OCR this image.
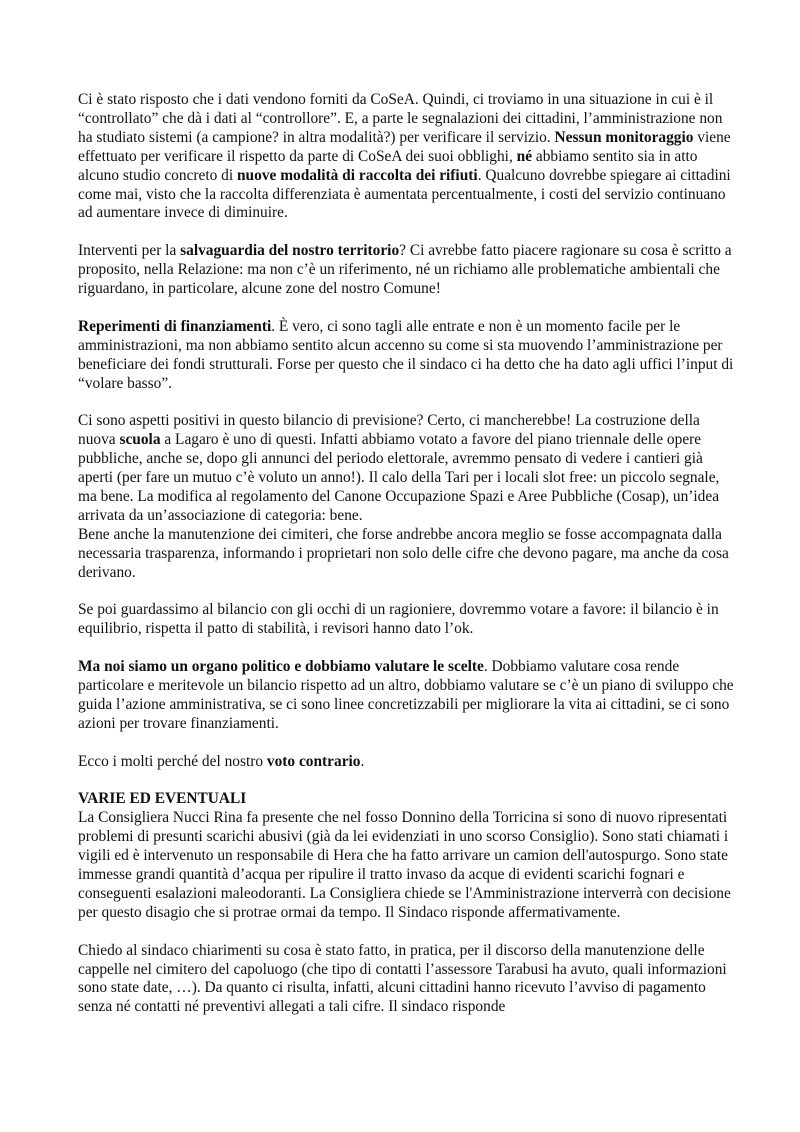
Ci è stato risposto che i dati vendono forniti da CoSeA. Quindi, ci troviamo in una situazione in cui è il “controllato” che dà i dati al “controllore”. E, a parte le segnalazioni dei cittadini, l’amministrazione non ha studiato sistemi (a campione? in altra modalità?) per verificare il servizio. Nessun monitoraggio viene effettuato per verificare il rispetto da parte di CoSeA dei suoi obblighi, né abbiamo sentito sia in atto alcuno studio concreto di nuove modalità di raccolta dei rifiuti. Qualcuno dovrebbe spiegare ai cittadini come mai, visto che la raccolta differenziata è aumentata percentualmente, i costi del servizio continuano ad aumentare invece di diminuire.

Interventi per la salvaguardia del nostro territorio? Ci avrebbe fatto piacere ragionare su cosa è scritto a proposito, nella Relazione: ma non c’è un riferimento, né un richiamo alle problematiche ambientali che riguardano, in particolare, alcune zone del nostro Comune!

Reperimenti di finanziamenti. È vero, ci sono tagli alle entrate e non è un momento facile per le amministrazioni, ma non abbiamo sentito alcun accenno su come si sta muovendo l’amministrazione per beneficiare dei fondi strutturali. Forse per questo che il sindaco ci ha detto che ha dato agli uffici l’input di “volare basso”.

Ci sono aspetti positivi in questo bilancio di previsione? Certo, ci mancherebbe! La costruzione della nuova scuola a Lagaro è uno di questi. Infatti abbiamo votato a favore del piano triennale delle opere pubbliche, anche se, dopo gli annunci del periodo elettorale, avremmo pensato di vedere i cantieri già aperti (per fare un mutuo c’è voluto un anno!). Il calo della Tari per i locali slot free: un piccolo segnale, ma bene. La modifica al regolamento del Canone Occupazione Spazi e Aree Pubbliche (Cosap), un’idea arrivata da un’associazione di categoria: bene.

Bene anche la manutenzione dei cimiteri, che forse andrebbe ancora meglio se fosse accompagnata dalla necessaria trasparenza, informando i proprietari non solo delle cifre che devono pagare, ma anche da cosa derivano.

Se poi guardassimo al bilancio con gli occhi di un ragioniere, dovremmo votare a favore: il bilancio è in equilibrio, rispetta il patto di stabilità, i revisori hanno dato l’ok.

Ma noi siamo un organo politico e dobbiamo valutare le scelte. Dobbiamo valutare cosa rende particolare e meritevole un bilancio rispetto ad un altro, dobbiamo valutare se c’è un piano di sviluppo che guida l’azione amministrativa, se ci sono linee concretizzabili per migliorare la vita ai cittadini, se ci sono azioni per trovare finanziamenti.

Ecco i molti perché del nostro voto contrario.

VARIE ED EVENTUALI

La Consigliera Nucci Rina fa presente che nel fosso Donnino della Torricina si sono di nuovo ripresentati problemi di presunti scarichi abusivi (già da lei evidenziati in uno scorso Consiglio). Sono stati chiamati i vigili ed è intervenuto un responsabile di Hera che ha fatto arrivare un camion dell'autospurgo. Sono state immesse grandi quantità d’acqua per ripulire il tratto invaso da acque di evidenti scarichi fognari e conseguenti esalazioni maleodoranti. La Consigliera chiede se l'Amministrazione interverrà con decisione per questo disagio che si protrae ormai da tempo. Il Sindaco risponde affermativamente.

Chiedo al sindaco chiarimenti su cosa è stato fatto, in pratica, per il discorso della manutenzione delle cappelle nel cimitero del capoluogo (che tipo di contatti l’assessore Tarabusi ha avuto, quali informazioni sono state date, …). Da quanto ci risulta, infatti, alcuni cittadini hanno ricevuto l’avviso di pagamento senza né contatti né preventivi allegati a tali cifre. Il sindaco risponde
